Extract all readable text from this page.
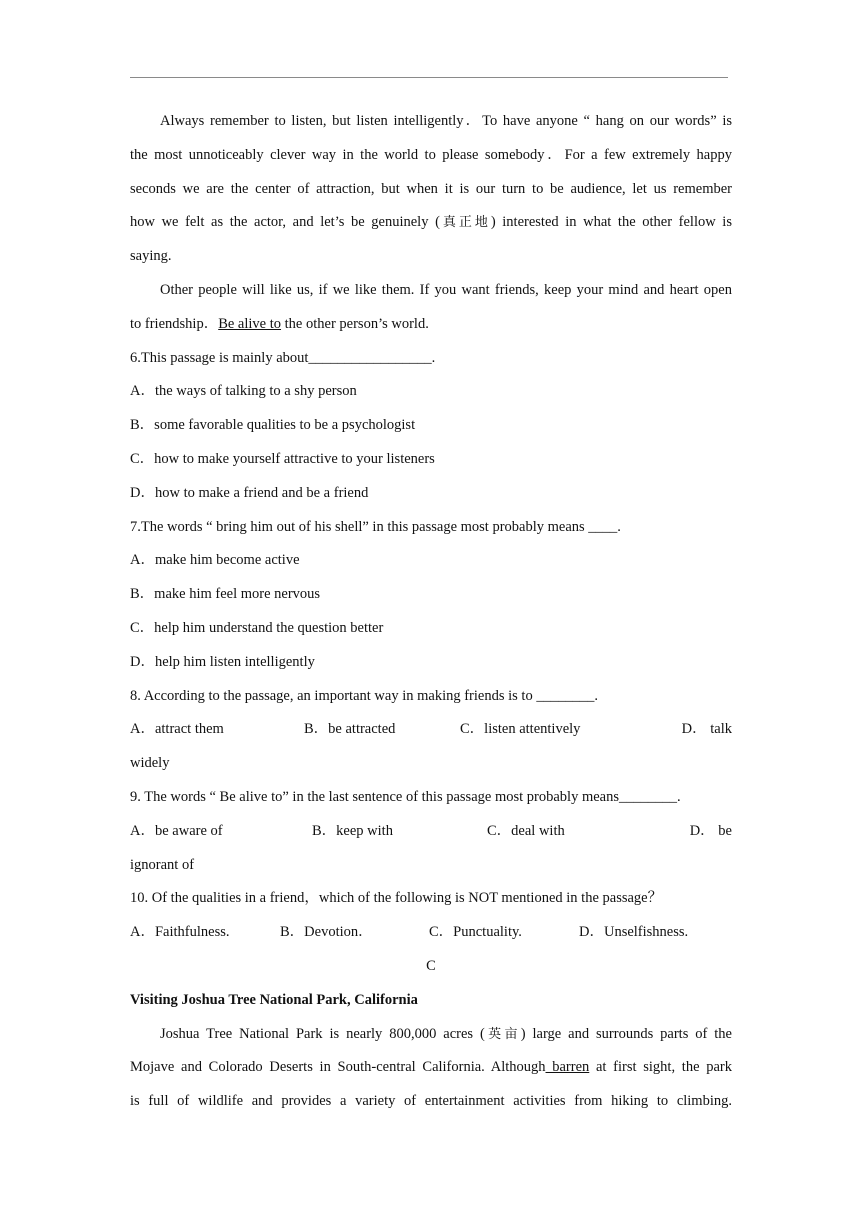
Always remember to listen, but listen intelligently．To have anyone “ hang on our words” is
the most unnoticeably clever way in the world to please somebody．For a few extremely happy
seconds we are the center of attraction, but when it is our turn to be audience, let us remember
how we felt as the actor, and let’s be genuinely (真正地) interested in what the other fellow is
saying.
Other people will like us, if we like them. If you want friends, keep your mind and heart open
to friendship．Be alive to the other person’s world.
6.This passage is mainly about_________________.
A．the ways of talking to a shy person
B．some favorable qualities to be a psychologist
C．how to make yourself attractive to your listeners
D．how to make a friend and be a friend
7.The words “ bring him out of his shell” in this passage most probably means ____.
A．make him become active
B．make him feel more nervous
C．help him understand the question better
D．help him listen intelligently
8. According to the passage, an important way in making friends is to ________.
A．attract them	B．be attracted	C．listen attentively	D． talk
widely
9. The words “ Be alive to” in the last sentence of this passage most probably means________.
A．be aware of	B．keep with	C．deal with	D． be
ignorant of
10. Of the qualities in a friend，which of the following is NOT mentioned in the passage？
A．Faithfulness.	B．Devotion．	C．Punctuality.	D．Unselfishness.
C
Visiting Joshua Tree National Park, California
Joshua Tree National Park is nearly 800,000 acres (英亩) large and surrounds parts of the
Mojave and Colorado Deserts in South-central California. Although barren at first sight, the park
is full of wildlife and provides a variety of entertainment activities from hiking to climbing.
